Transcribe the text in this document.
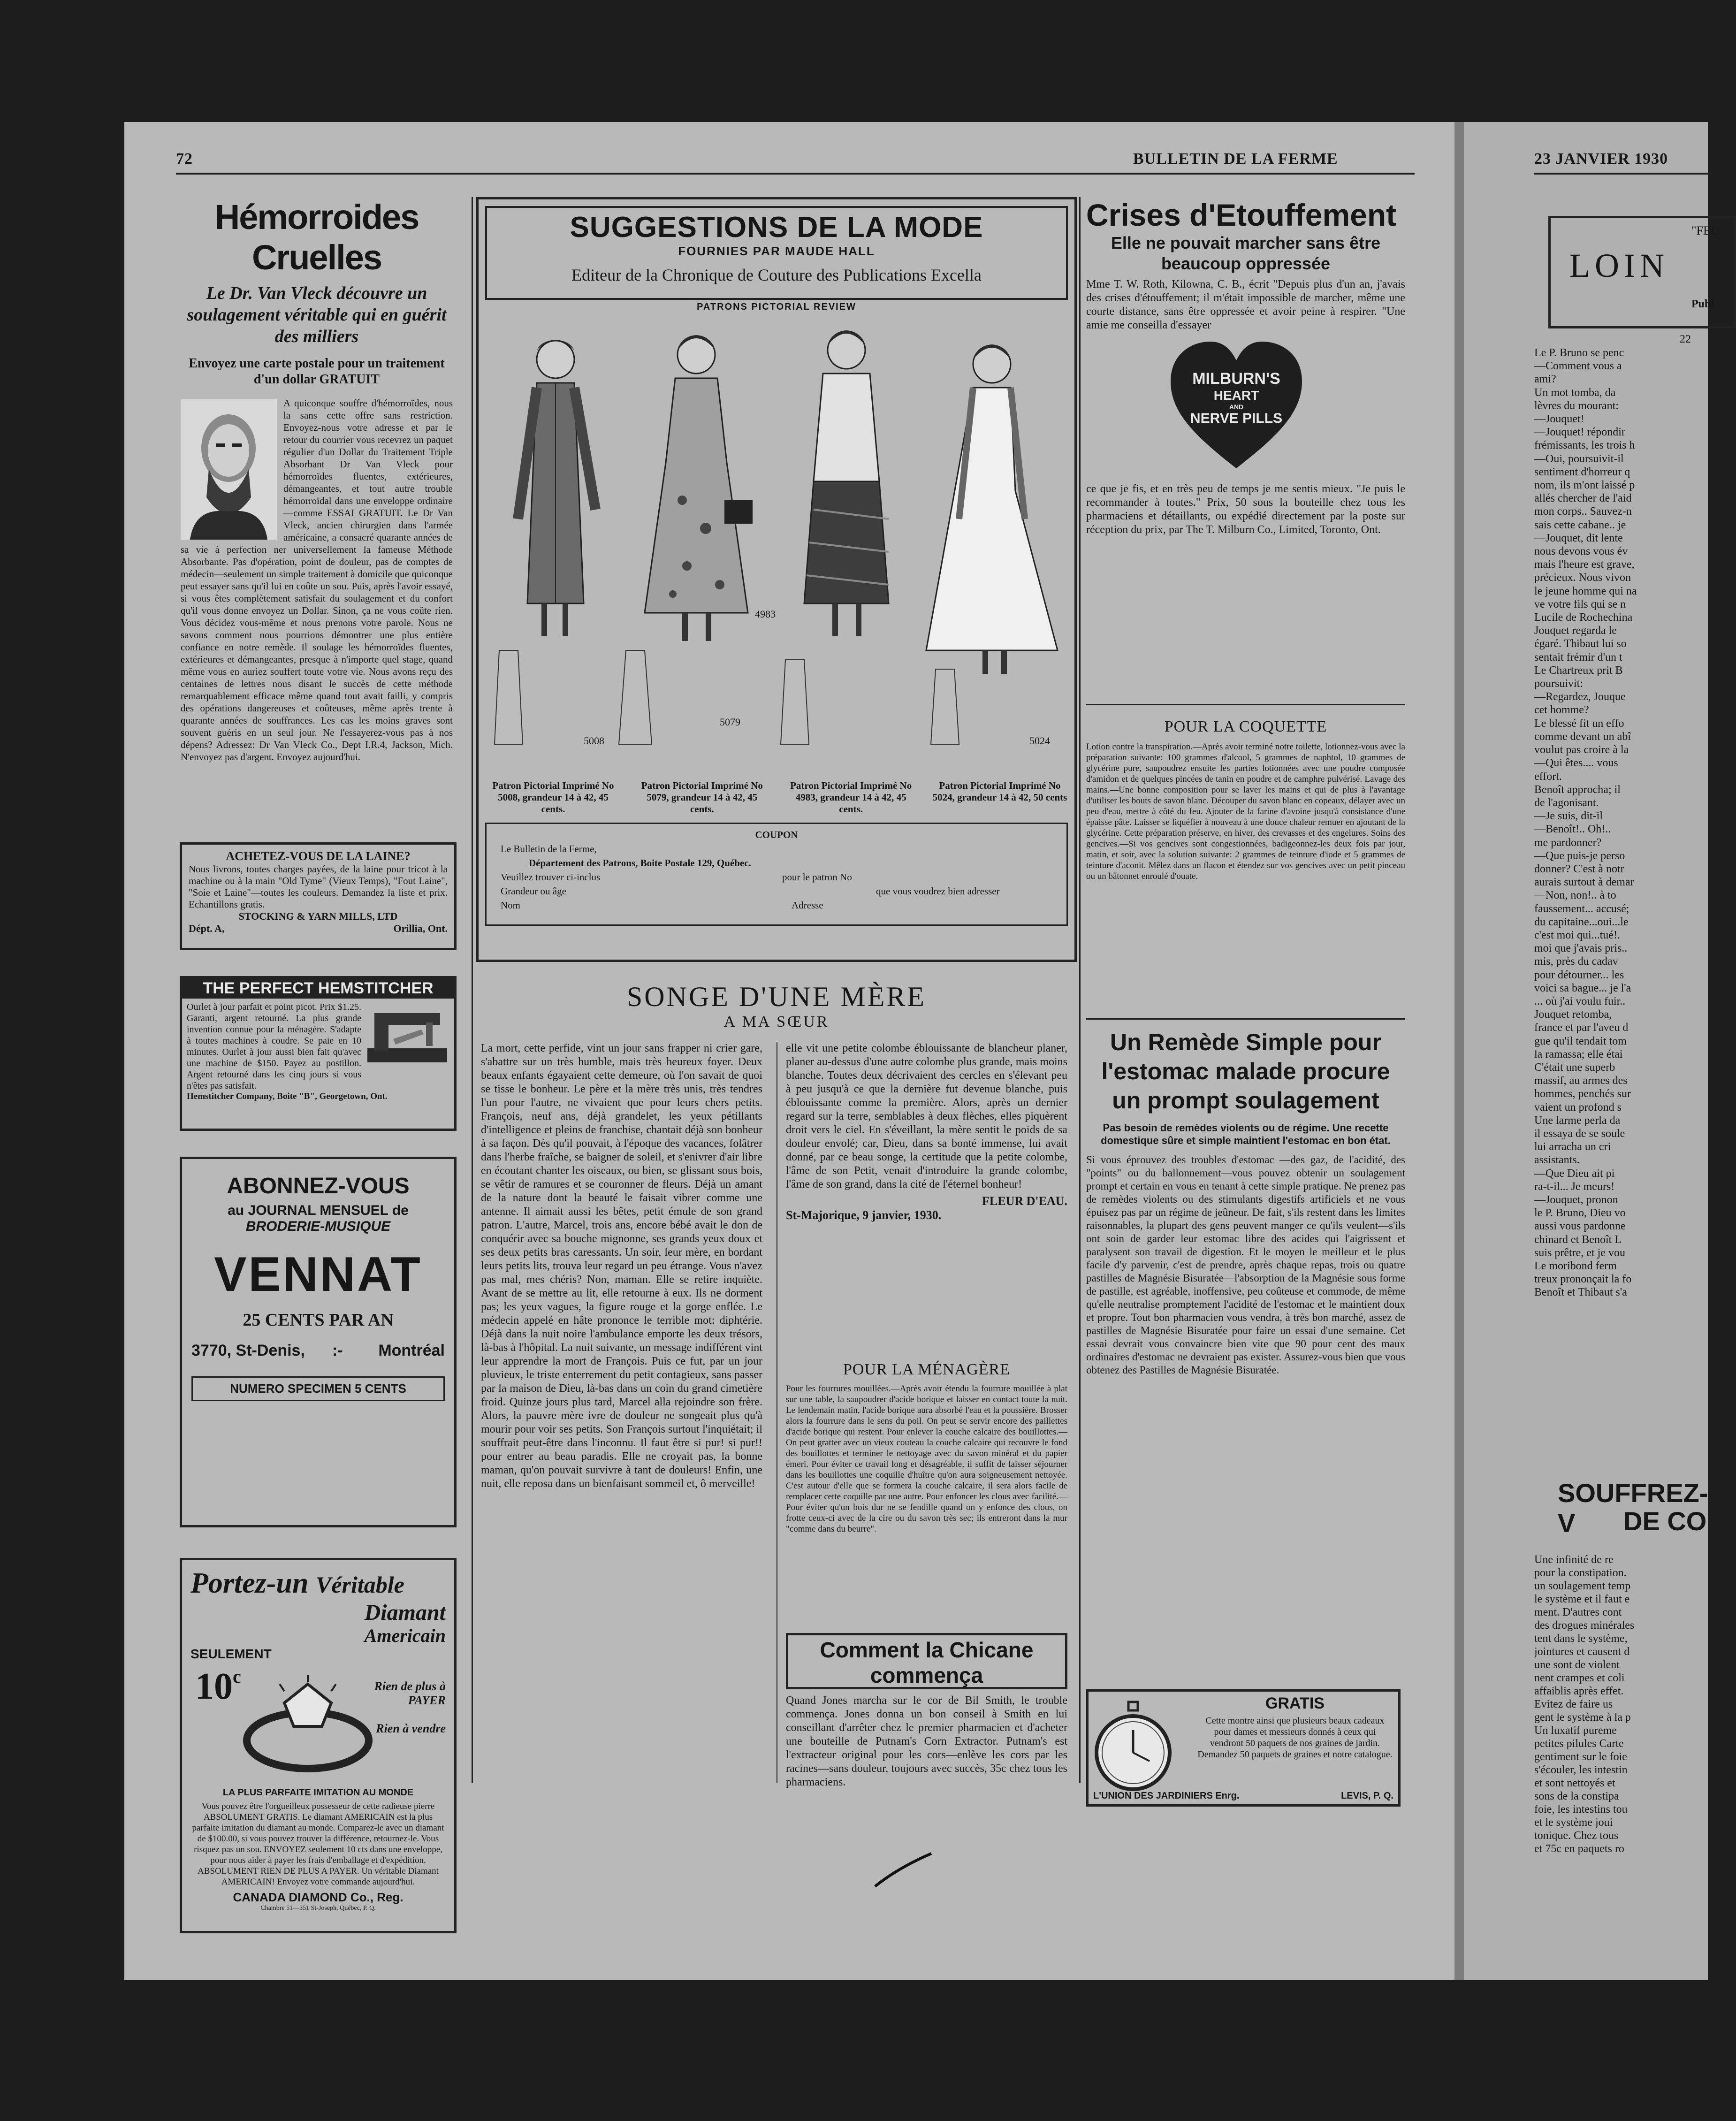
72	BULLETIN DE LA FERME
Hémorroides Cruelles
Le Dr. Van Vleck découvre un soulagement véritable qui en guérit des milliers
Envoyez une carte postale pour un traitement d'un dollar GRATUIT
A quiconque souffre d'hémorroïdes, nous la sans cette offre sans restriction. Envoyez-nous votre adresse et par le retour du courrier vous recevrez un paquet régulier d'un Dollar du Traitement Triple Absorbant Dr Van Vleck pour hémorroïdes fluentes, extérieures, démangeantes, et tout autre trouble hémorroïdal dans une enveloppe ordinaire —comme ESSAI GRATUIT. Le Dr Van Vleck, ancien chirurgien dans l'armée américaine, a consacré quarante années de sa vie à perfection ner universellement la fameuse Méthode Absorbante. Pas d'opération, point de douleur, pas de comptes de médecin—seulement un simple traitement à domicile que quiconque peut essayer sans qu'il lui en coûte un sou. Puis, après l'avoir essayé, si vous êtes complètement satisfait du soulagement et du confort qu'il vous donne envoyez un Dollar. Sinon, ça ne vous coûte rien. Vous décidez vous-même et nous prenons votre parole. Nous ne savons comment nous pourrions démontrer une plus entière confiance en notre remède. Il soulage les hémorroïdes fluentes, extérieures et démangeantes, presque à n'importe quel stage, quand même vous en auriez souffert toute votre vie. Nous avons reçu des centaines de lettres nous disant le succès de cette méthode remarquablement efficace même quand tout avait failli, y compris des opérations dangereuses et coûteuses, même après trente à quarante années de souffrances. Les cas les moins graves sont souvent guéris en un seul jour. Ne l'essayerez-vous pas à nos dépens? Adressez: Dr Van Vleck Co., Dept I.R.4, Jackson, Mich. N'envoyez pas d'argent. Envoyez aujourd'hui.
ACHETEZ-VOUS DE LA LAINE?
Nous livrons, toutes charges payées, de la laine pour tricot à la machine ou à la main "Old Tyme" (Vieux Temps), "Fout Laine", "Soie et Laine"—toutes les couleurs. Demandez la liste et prix. Echantillons gratis.
STOCKING & YARN MILLS, LTD
Dépt. A,	Orillia, Ont.
THE PERFECT HEMSTITCHER
Ourlet à jour parfait et point picot. Prix $1.25. Garanti, argent retourné. La plus grande invention connue pour la ménagère. S'adapte à toutes machines à coudre. Se paie en 10 minutes. Ourlet à jour aussi bien fait qu'avec une machine de $150. Payez au postillon. Argent retourné dans les cinq jours si vous n'êtes pas satisfait.
Hemstitcher Company, Boite "B", Georgetown, Ont.
ABONNEZ-VOUS
au JOURNAL MENSUEL de
BRODERIE-MUSIQUE
VENNAT
25 CENTS PAR AN
3770, St-Denis, :- Montréal
NUMERO SPECIMEN 5 CENTS
Portez-un Véritable
Diamant
Americain
SEULEMENT
10$^c$	Rien de plus à
PAYER
Rien à vendre
LA PLUS PARFAITE IMITATION AU MONDE
Vous pouvez être l'orgueilleux possesseur de cette radieuse pierre ABSOLUMENT GRATIS. Le diamant AMERICAIN est la plus parfaite imitation du diamant au monde. Comparez-le avec un diamant de $100.00, si vous pouvez trouver la différence, retournez-le. Vous risquez pas un sou. ENVOYEZ seulement 10 cts dans une enveloppe, pour nous aider à payer les frais d'emballage et d'expédition. ABSOLUMENT RIEN DE PLUS A PAYER. Un véritable Diamant AMERICAIN! Envoyez votre commande aujourd'hui.
CANADA DIAMOND Co., Reg.
Chambre 51—351 St-Joseph, Québec, P. Q.
SUGGESTIONS DE LA MODE
FOURNIES PAR MAUDE HALL
Editeur de la Chronique de Couture des Publications Excella
PATRONS PICTORIAL REVIEW
5008
5079
4983
5024
Patron Pictorial Imprimé No 5008, grandeur 14 à 42, 45 cents.
Patron Pictorial Imprimé No 5079, grandeur 14 à 42, 45 cents.
Patron Pictorial Imprimé No 4983, grandeur 14 à 42, 45 cents.
Patron Pictorial Imprimé No 5024, grandeur 14 à 42, 50 cents
COUPON
Le Bulletin de la Ferme,
Département des Patrons, Boite Postale 129, Québec.
Veuillez trouver ci-inclus	pour le patron No
Grandeur ou âge	que vous voudrez bien adresser
Nom	Adresse
SONGE D'UNE MÈRE
A MA SŒUR
La mort, cette perfide, vint un jour sans frapper ni crier gare, s'abattre sur un très humble, mais très heureux foyer. Deux beaux enfants égayaient cette demeure, où l'on savait de quoi se tisse le bonheur. Le père et la mère très unis, très tendres l'un pour l'autre, ne vivaient que pour leurs chers petits. François, neuf ans, déjà grandelet, les yeux pétillants d'intelligence et pleins de franchise, chantait déjà son bonheur à sa façon. Dès qu'il pouvait, à l'époque des vacances, folâtrer dans l'herbe fraîche, se baigner de soleil, et s'enivrer d'air libre en écoutant chanter les oiseaux, ou bien, se glissant sous bois, se vêtir de ramures et se couronner de fleurs. Déjà un amant de la nature dont la beauté le faisait vibrer comme une antenne. Il aimait aussi les bêtes, petit émule de son grand patron. L'autre, Marcel, trois ans, encore bébé avait le don de conquérir avec sa bouche mignonne, ses grands yeux doux et ses deux petits bras caressants. Un soir, leur mère, en bordant leurs petits lits, trouva leur regard un peu étrange. Vous n'avez pas mal, mes chéris? Non, maman. Elle se retire inquiète. Avant de se mettre au lit, elle retourne à eux. Ils ne dorment pas; les yeux vagues, la figure rouge et la gorge enflée. Le médecin appelé en hâte prononce le terrible mot: diphtérie. Déjà dans la nuit noire l'ambulance emporte les deux trésors, là-bas à l'hôpital. La nuit suivante, un message indifférent vint leur apprendre la mort de François. Puis ce fut, par un jour pluvieux, le triste enterrement du petit contagieux, sans passer par la maison de Dieu, là-bas dans un coin du grand cimetière froid. Quinze jours plus tard, Marcel alla rejoindre son frère. Alors, la pauvre mère ivre de douleur ne songeait plus qu'à mourir pour voir ses petits. Son François surtout l'inquiétait; il souffrait peut-être dans l'inconnu. Il faut être si pur! si pur!! pour entrer au beau paradis. Elle ne croyait pas, la bonne maman, qu'on pouvait survivre à tant de douleurs! Enfin, une nuit, elle reposa dans un bienfaisant sommeil et, ô merveille!
elle vit une petite colombe éblouissante de blancheur planer, planer au-dessus d'une autre colombe plus grande, mais moins blanche. Toutes deux décrivaient des cercles en s'élevant peu à peu jusqu'à ce que la dernière fut devenue blanche, puis éblouissante comme la première. Alors, après un dernier regard sur la terre, semblables à deux flèches, elles piquèrent droit vers le ciel. En s'éveillant, la mère sentit le poids de sa douleur envolé; car, Dieu, dans sa bonté immense, lui avait donné, par ce beau songe, la certitude que la petite colombe, l'âme de son Petit, venait d'introduire la grande colombe, l'âme de son grand, dans la cité de l'éternel bonheur!
FLEUR D'EAU.
St-Majorique, 9 janvier, 1930.
POUR LA MÉNAGÈRE
Pour les fourrures mouillées.—Après avoir étendu la fourrure mouillée à plat sur une table, la saupoudrer d'acide borique et laisser en contact toute la nuit. Le lendemain matin, l'acide borique aura absorbé l'eau et la poussière. Brosser alors la fourrure dans le sens du poil. On peut se servir encore des paillettes d'acide borique qui restent. Pour enlever la couche calcaire des bouillottes.—On peut gratter avec un vieux couteau la couche calcaire qui recouvre le fond des bouillottes et terminer le nettoyage avec du savon minéral et du papier émeri. Pour éviter ce travail long et désagréable, il suffit de laisser séjourner dans les bouillottes une coquille d'huître qu'on aura soigneusement nettoyée. C'est autour d'elle que se formera la couche calcaire, il sera alors facile de remplacer cette coquille par une autre. Pour enfoncer les clous avec facilité.—Pour éviter qu'un bois dur ne se fendille quand on y enfonce des clous, on frotte ceux-ci avec de la cire ou du savon très sec; ils entreront dans la mur "comme dans du beurre".
Comment la Chicane commença
Quand Jones marcha sur le cor de Bil Smith, le trouble commença. Jones donna un bon conseil à Smith en lui conseillant d'arrêter chez le premier pharmacien et d'acheter une bouteille de Putnam's Corn Extractor. Putnam's est l'extracteur original pour les cors—enlève les cors par les racines—sans douleur, toujours avec succès, 35c chez tous les pharmaciens.
Crises d'Etouffement
Elle ne pouvait marcher sans être beaucoup oppressée
Mme T. W. Roth, Kilowna, C. B., écrit "Depuis plus d'un an, j'avais des crises d'étouffement; il m'était impossible de marcher, même une courte distance, sans être oppressée et avoir peine à respirer. "Une amie me conseilla d'essayer
MILBURN'S
HEART
AND
NERVE PILLS
ce que je fis, et en très peu de temps je me sentis mieux. "Je puis le recommander à toutes." Prix, 50 sous la bouteille chez tous les pharmaciens et détaillants, ou expédié directement par la poste sur réception du prix, par The T. Milburn Co., Limited, Toronto, Ont.
POUR LA COQUETTE
Lotion contre la transpiration.—Après avoir terminé notre toilette, lotionnez-vous avec la préparation suivante: 100 grammes d'alcool, 5 grammes de naphtol, 10 grammes de glycérine pure, saupoudrez ensuite les parties lotionnées avec une poudre composée d'amidon et de quelques pincées de tanin en poudre et de camphre pulvérisé. Lavage des mains.—Une bonne composition pour se laver les mains et qui de plus à l'avantage d'utiliser les bouts de savon blanc. Découper du savon blanc en copeaux, délayer avec un peu d'eau, mettre à côté du feu. Ajouter de la farine d'avoine jusqu'à consistance d'une épaisse pâte. Laisser se liquéfier à nouveau à une douce chaleur remuer en ajoutant de la glycérine. Cette préparation préserve, en hiver, des crevasses et des engelures. Soins des gencives.—Si vos gencives sont congestionnées, badigeonnez-les deux fois par jour, matin, et soir, avec la solution suivante: 2 grammes de teinture d'iode et 5 grammes de teinture d'aconit. Mêlez dans un flacon et étendez sur vos gencives avec un petit pinceau ou un bâtonnet enroulé d'ouate.
Un Remède Simple pour l'estomac malade procure un prompt soulagement
Pas besoin de remèdes violents ou de régime. Une recette domestique sûre et simple maintient l'estomac en bon état.
Si vous éprouvez des troubles d'estomac —des gaz, de l'acidité, des "points" ou du ballonnement—vous pouvez obtenir un soulagement prompt et certain en vous en tenant à cette simple pratique. Ne prenez pas de remèdes violents ou des stimulants digestifs artificiels et ne vous épuisez pas par un régime de jeûneur. De fait, s'ils restent dans les limites raisonnables, la plupart des gens peuvent manger ce qu'ils veulent—s'ils ont soin de garder leur estomac libre des acides qui l'aigrissent et paralysent son travail de digestion. Et le moyen le meilleur et le plus facile d'y parvenir, c'est de prendre, après chaque repas, trois ou quatre pastilles de Magnésie Bisuratée—l'absorption de la Magnésie sous forme de pastille, est agréable, inoffensive, peu coûteuse et commode, de même qu'elle neutralise promptement l'acidité de l'estomac et le maintient doux et propre. Tout bon pharmacien vous vendra, à très bon marché, assez de pastilles de Magnésie Bisuratée pour faire un essai d'une semaine. Cet essai devrait vous convaincre bien vite que 90 pour cent des maux ordinaires d'estomac ne devraient pas exister. Assurez-vous bien que vous obtenez des Pastilles de Magnésie Bisuratée.
GRATIS
Cette montre ainsi que plusieurs beaux cadeaux pour dames et messieurs donnés à ceux qui vendront 50 paquets de nos graines de jardin. Demandez 50 paquets de graines et notre catalogue.
L'UNION DES JARDINIERS Enrg.	LEVIS, P. Q.
23 JANVIER 1930
"FEU
LOIN
Publ
22
Le P. Bruno se penc
—Comment vous a
ami?
Un mot tomba, da
lèvres du mourant:
—Jouquet!
—Jouquet! répondir
frémissants, les trois h
—Oui, poursuivit-il
sentiment d'horreur q
nom, ils m'ont laissé p
allés chercher de l'aid
mon corps.. Sauvez-n
sais cette cabane.. je
—Jouquet, dit lente
nous devons vous év
mais l'heure est grave,
précieux. Nous vivon
le jeune homme qui na
ve votre fils qui se n
Lucile de Rochechina
Jouquet regarda le
égaré. Thibaut lui so
sentait frémir d'un t
Le Chartreux prit B
poursuivit:
—Regardez, Jouque
cet homme?
Le blessé fit un effo
comme devant un abî
voulut pas croire à la
—Qui êtes.... vous
effort.
Benoît approcha; il
de l'agonisant.
—Je suis, dit-il
—Benoît!.. Oh!..
me pardonner?
—Que puis-je perso
donner? C'est à notr
aurais surtout à demar
—Non, non!.. à to
faussement... accusé;
du capitaine...oui...le
c'est moi qui...tué!.
moi que j'avais pris..
mis, près du cadav
pour détourner... les
voici sa bague... je l'a
... où j'ai voulu fuir..
Jouquet retomba,
france et par l'aveu d
gue qu'il tendait tom
la ramassa; elle étai
C'était une superb
massif, au armes des
hommes, penchés sur
vaient un profond s
Une larme perla da
il essaya de se soule
lui arracha un cri
assistants.
—Que Dieu ait pi
ra-t-il... Je meurs!
—Jouquet, pronon
le P. Bruno, Dieu vo
aussi vous pardonne
chinard et Benoît L
suis prêtre, et je vou
Le moribond ferm
treux prononçait la fo
Benoît et Thibaut s'a
SOUFFREZ-V	DE CO
Une infinité de re
pour la constipation.
un soulagement temp
le système et il faut e
ment. D'autres cont
des drogues minérales
tent dans le système,
jointures et causent d
une sont de violent
nent crampes et coli
affaiblis après effet.
Evitez de faire us
gent le système à la p
Un luxatif pureme
petites pilules Carte
gentiment sur le foie
s'écouler, les intestin
et sont nettoyés et
sons de la constipa
foie, les intestins tou
et le système joui
tonique. Chez tous
et 75c en paquets ro
